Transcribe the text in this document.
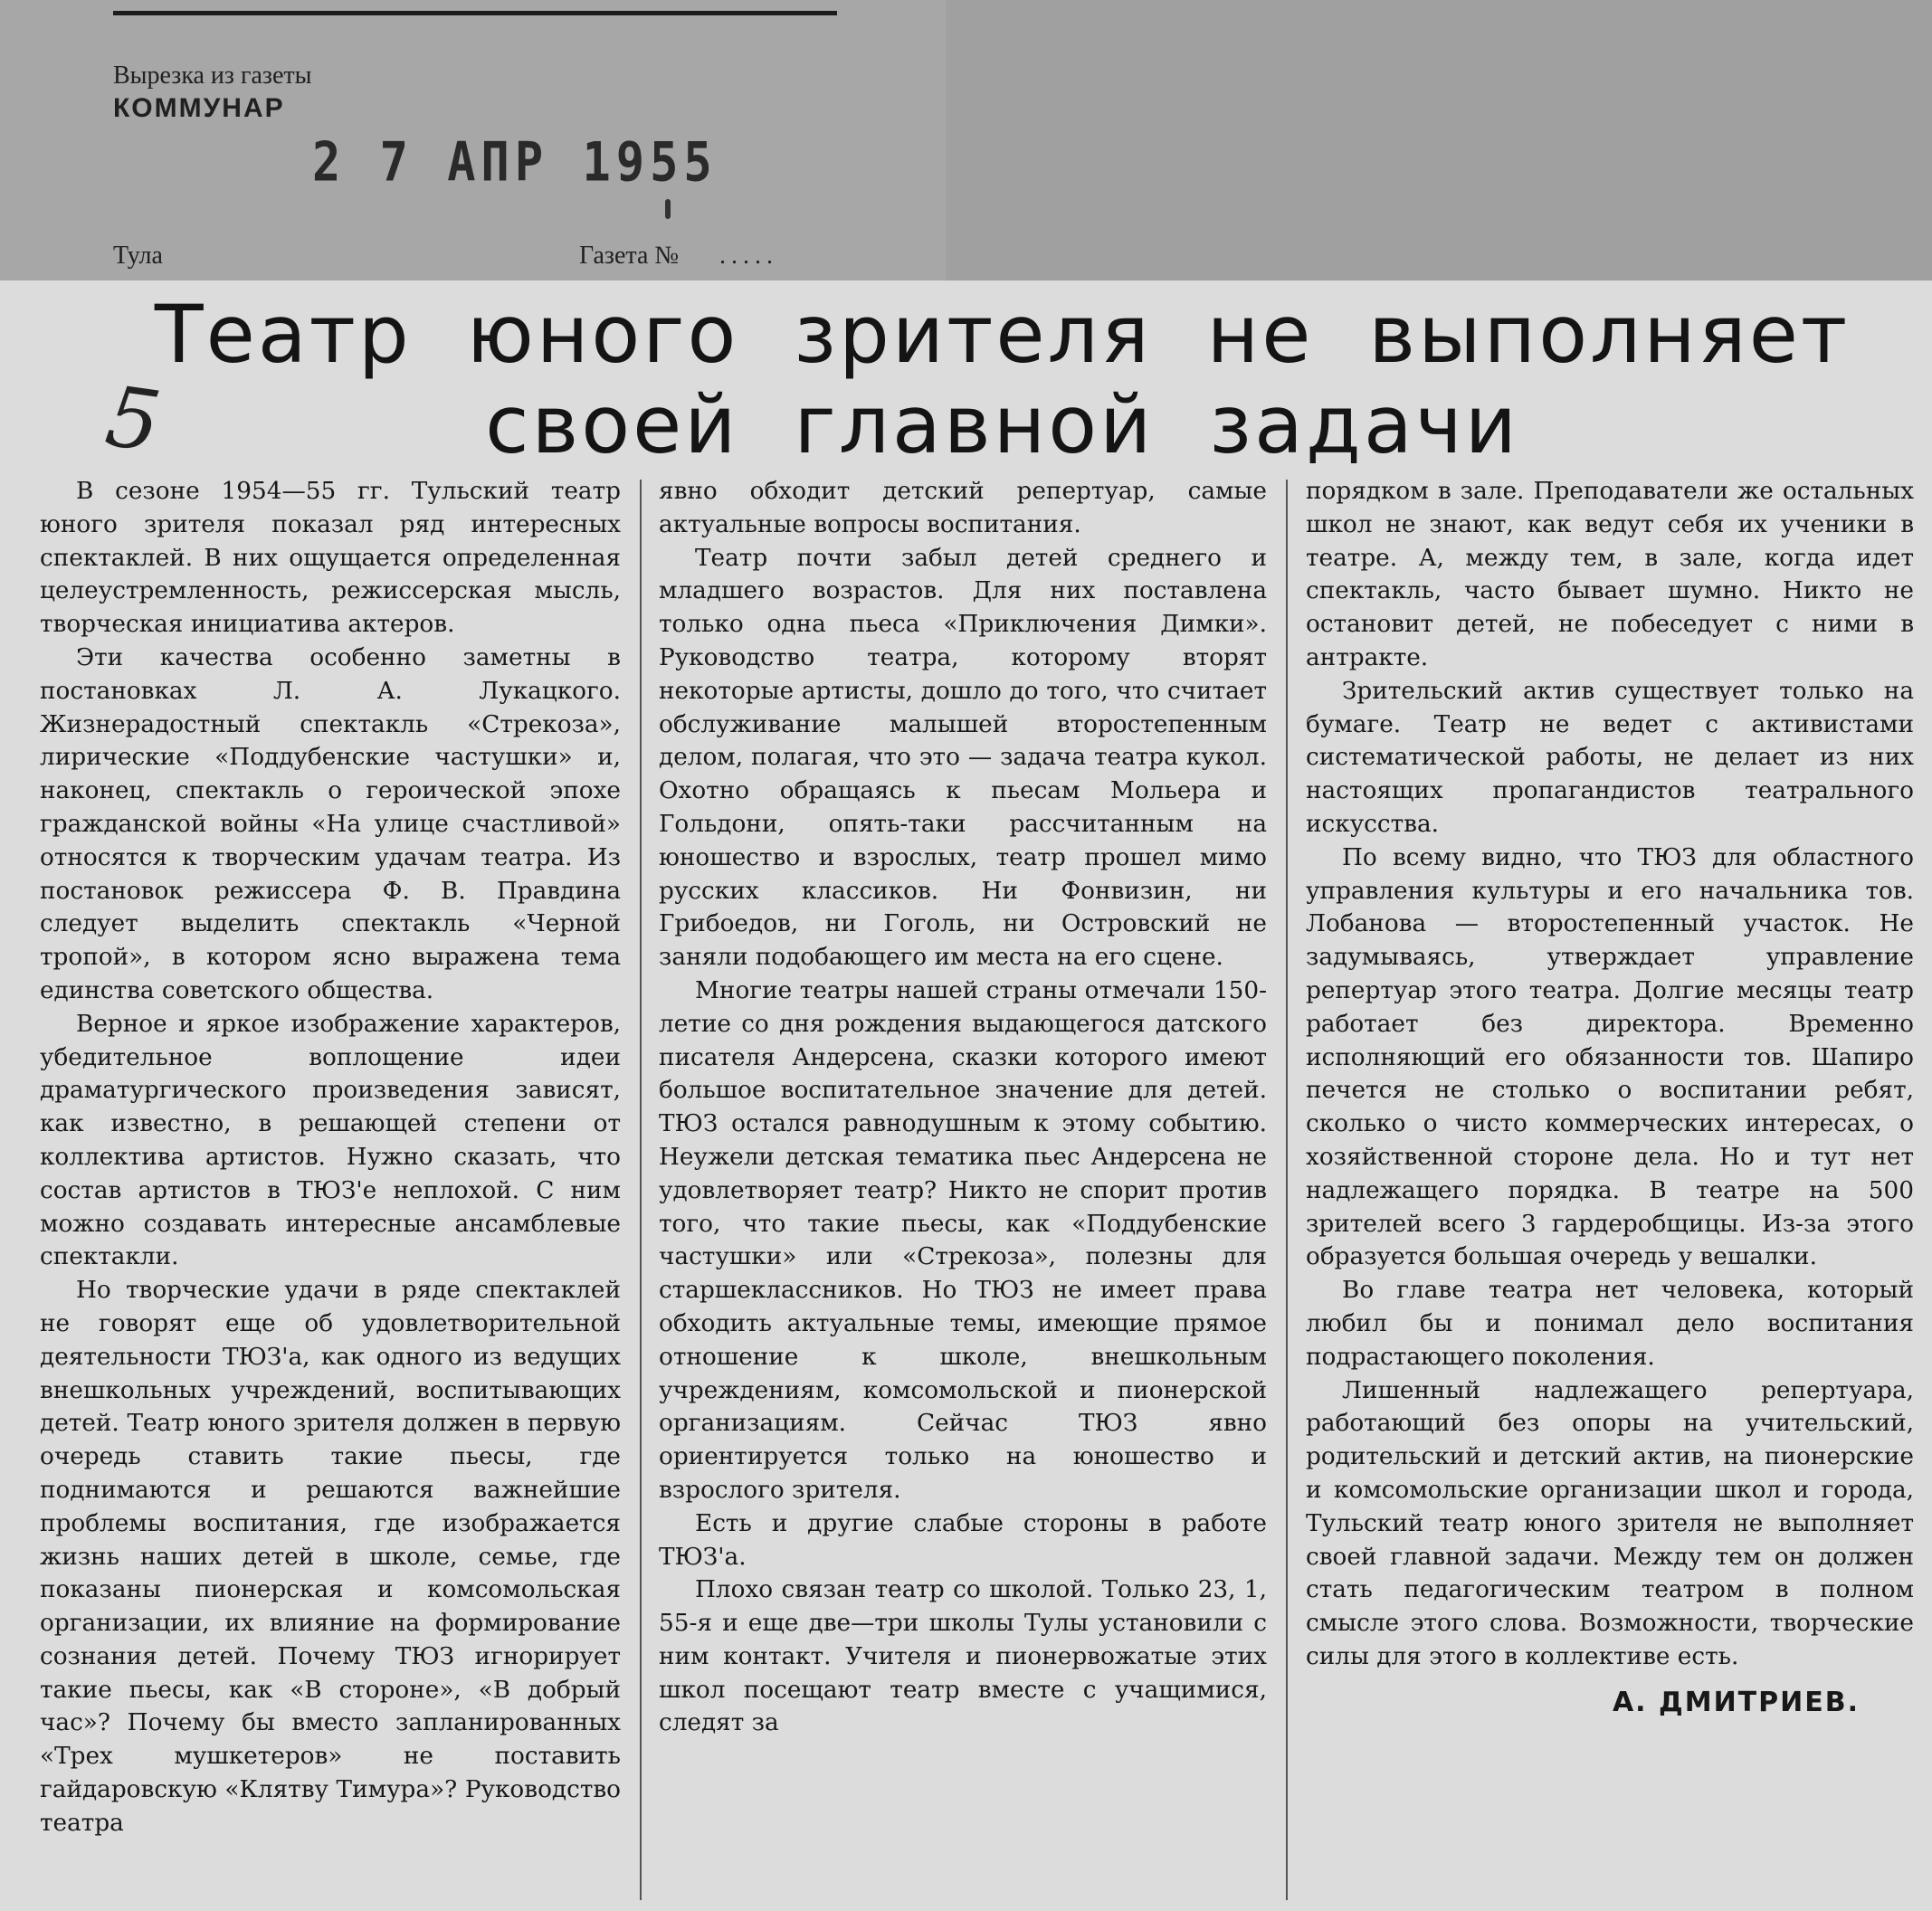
Вырезка из газеты
КОММУНАР
2 7 АПР 1955
Тула	Газета № .....
5
Театр юного зрителя не выполняет
своей главной задачи

В сезоне 1954—55 гг. Тульский театр юного зрителя показал ряд интересных спектаклей. В них ощущается определенная целеустремленность, режиссерская мысль, творческая инициатива актеров.

Эти качества особенно заметны в постановках Л. А. Лукацкого. Жизнерадостный спектакль «Стрекоза», лирические «Поддубенские частушки» и, наконец, спектакль о героической эпохе гражданской войны «На улице счастливой» относятся к творческим удачам театра. Из постановок режиссера Ф. В. Правдина следует выделить спектакль «Черной тропой», в котором ясно выражена тема единства советского общества.

Верное и яркое изображение характеров, убедительное воплощение идеи драматургического произведения зависят, как известно, в решающей степени от коллектива артистов. Нужно сказать, что состав артистов в ТЮЗ'е неплохой. С ним можно создавать интересные ансамблевые спектакли.

Но творческие удачи в ряде спектаклей не говорят еще об удовлетворительной деятельности ТЮЗ'а, как одного из ведущих внешкольных учреждений, воспитывающих детей. Театр юного зрителя должен в первую очередь ставить такие пьесы, где поднимаются и решаются важнейшие проблемы воспитания, где изображается жизнь наших детей в школе, семье, где показаны пионерская и комсомольская организации, их влияние на формирование сознания детей. Почему ТЮЗ игнорирует такие пьесы, как «В стороне», «В добрый час»? Почему бы вместо запланированных «Трех мушкетеров» не поставить гайдаровскую «Клятву Тимура»? Руководство театра

явно обходит детский репертуар, самые актуальные вопросы воспитания.

Театр почти забыл детей среднего и младшего возрастов. Для них поставлена только одна пьеса «Приключения Димки». Руководство театра, которому вторят некоторые артисты, дошло до того, что считает обслуживание малышей второстепенным делом, полагая, что это — задача театра кукол. Охотно обращаясь к пьесам Мольера и Гольдони, опять-таки рассчитанным на юношество и взрослых, театр прошел мимо русских классиков. Ни Фонвизин, ни Грибоедов, ни Гоголь, ни Островский не заняли подобающего им места на его сцене.

Многие театры нашей страны отмечали 150-летие со дня рождения выдающегося датского писателя Андерсена, сказки которого имеют большое воспитательное значение для детей. ТЮЗ остался равнодушным к этому событию. Неужели детская тематика пьес Андерсена не удовлетворяет театр? Никто не спорит против того, что такие пьесы, как «Поддубенские частушки» или «Стрекоза», полезны для старшеклассников. Но ТЮЗ не имеет права обходить актуальные темы, имеющие прямое отношение к школе, внешкольным учреждениям, комсомольской и пионерской организациям. Сейчас ТЮЗ явно ориентируется только на юношество и взрослого зрителя.

Есть и другие слабые стороны в работе ТЮЗ'а.

Плохо связан театр со школой. Только 23, 1, 55-я и еще две—три школы Тулы установили с ним контакт. Учителя и пионервожатые этих школ посещают театр вместе с учащимися, следят за

порядком в зале. Преподаватели же остальных школ не знают, как ведут себя их ученики в театре. А, между тем, в зале, когда идет спектакль, часто бывает шумно. Никто не остановит детей, не побеседует с ними в антракте.

Зрительский актив существует только на бумаге. Театр не ведет с активистами систематической работы, не делает из них настоящих пропагандистов театрального искусства.

По всему видно, что ТЮЗ для областного управления культуры и его начальника тов. Лобанова — второстепенный участок. Не задумываясь, утверждает управление репертуар этого театра. Долгие месяцы театр работает без директора. Временно исполняющий его обязанности тов. Шапиро печется не столько о воспитании ребят, сколько о чисто коммерческих интересах, о хозяйственной стороне дела. Но и тут нет надлежащего порядка. В театре на 500 зрителей всего 3 гардеробщицы. Из-за этого образуется большая очередь у вешалки.

Во главе театра нет человека, который любил бы и понимал дело воспитания подрастающего поколения.

Лишенный надлежащего репертуара, работающий без опоры на учительский, родительский и детский актив, на пионерские и комсомольские организации школ и города, Тульский театр юного зрителя не выполняет своей главной задачи. Между тем он должен стать педагогическим театром в полном смысле этого слова. Возможности, творческие силы для этого в коллективе есть.

А. ДМИТРИЕВ.
